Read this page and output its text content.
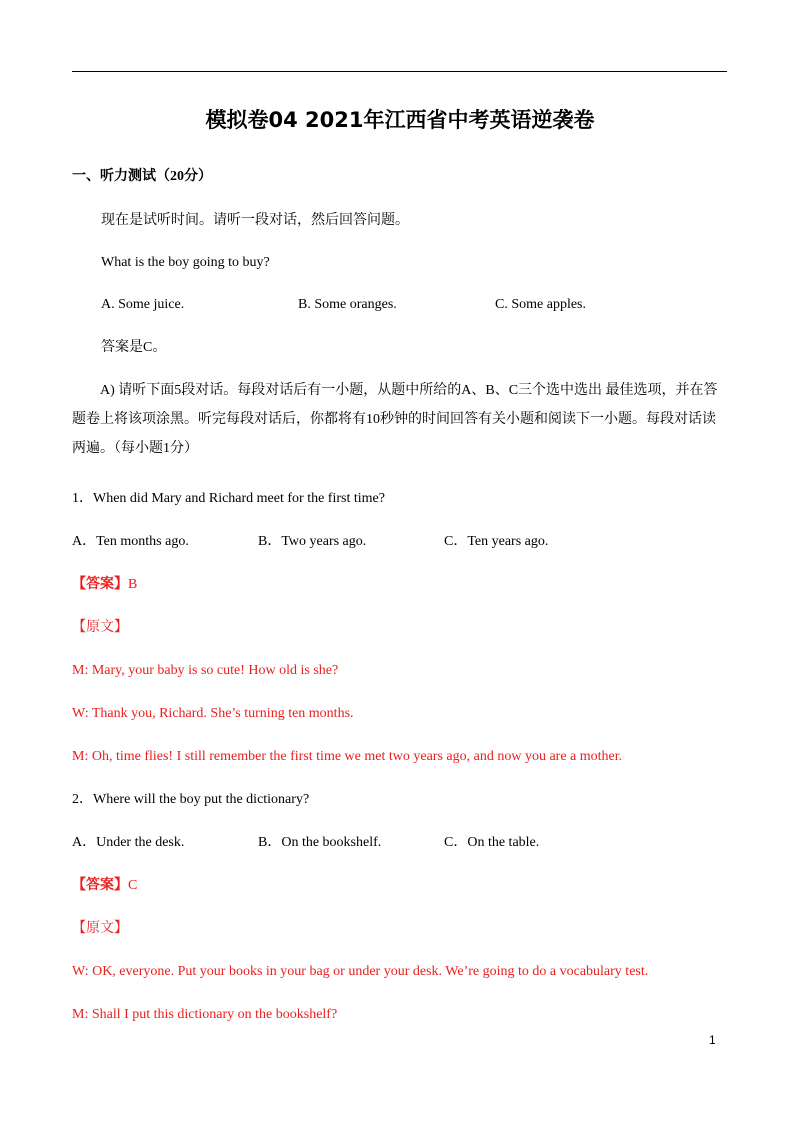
模拟卷04 2021年江西省中考英语逆袭卷
一、听力测试（20分）
现在是试听时间。请听一段对话，然后回答问题。
What is the boy going to buy?
A. Some juice.	B. Some oranges.	C. Some apples.
答案是C。
A) 请听下面5段对话。每段对话后有一小题，从题中所给的A、B、C三个选中选出 最佳选项，并在答题卷上将该项涂黑。听完每段对话后，你都将有10秒钟的时间回答有关小题和阅读下一小题。每段对话读两遍。（每小题1分）
1．When did Mary and Richard meet for the first time?
A．Ten months ago.	B．Two years ago.	C．Ten years ago.
【答案】B
【原文】
M: Mary, your baby is so cute! How old is she?
W: Thank you, Richard. She’s turning ten months.
M: Oh, time flies! I still remember the first time we met two years ago, and now you are a mother.
2．Where will the boy put the dictionary?
A．Under the desk.	B．On the bookshelf.	C．On the table.
【答案】C
【原文】
W: OK, everyone. Put your books in your bag or under your desk. We’re going to do a vocabulary test.
M: Shall I put this dictionary on the bookshelf?
1
